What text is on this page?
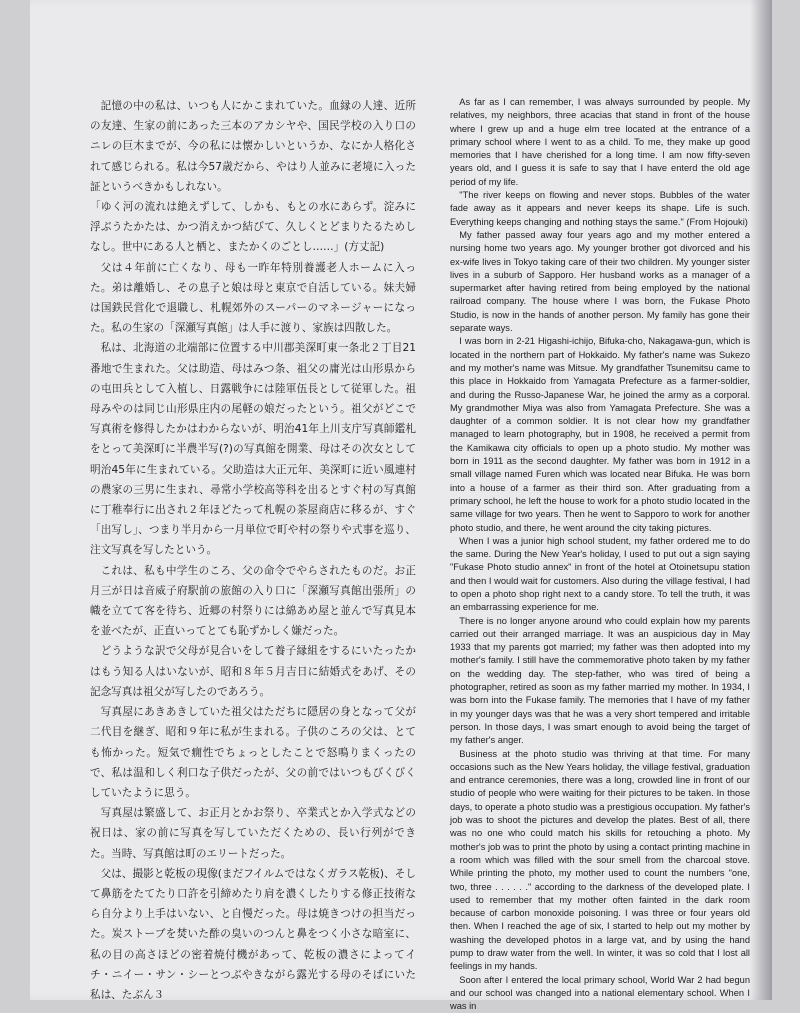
記憶の中の私は、いつも人にかこまれていた。血縁の人達、近所の友達、生家の前にあった三本のアカシヤや、国民学校の入り口のニレの巨木までが、今の私には懐かしいというか、なにか人格化されて感じられる。私は今57歳だから、やはり人並みに老境に入った証というべきかもしれない。

「ゆく河の流れは絶えずして、しかも、もとの水にあらず。淀みに浮ぶうたかたは、かつ消えかつ結びて、久しくとどまりたるためしなし。世中にある人と栖と、またかくのごとし……」(方丈記)

父は４年前に亡くなり、母も一昨年特別養護老人ホームに入った。弟は離婚し、その息子と娘は母と東京で自活している。妹夫婦は国鉄民営化で退職し、札幌郊外のスーパーのマネージャーになった。私の生家の「深瀬写真館」は人手に渡り、家族は四散した。

私は、北海道の北端部に位置する中川郡美深町東一条北２丁目21番地で生まれた。父は助造、母はみつ条、祖父の庸光は山形県からの屯田兵として入植し、日露戦争には陸軍伍長として従軍した。祖母みやのは同じ山形県庄内の尾軽の娘だったという。祖父がどこで写真術を修得したかはわからないが、明治41年上川支庁写真師鑑札をとって美深町に半農半写(?)の写真館を開業、母はその次女として明治45年に生まれている。父助造は大正元年、美深町に近い風連村の農家の三男に生まれ、尋常小学校高等科を出るとすぐ村の写真館に丁稚奉行に出され２年ほどたって札幌の茶屋商店に移るが、すぐ「出写し」、つまり半月から一月単位で町や村の祭りや式事を巡り、注文写真を写したという。

これは、私も中学生のころ、父の命令でやらされたものだ。お正月三が日は音威子府駅前の旅館の入り口に「深瀬写真館出張所」の幟を立てて客を待ち、近郷の村祭りには綿あめ屋と並んで写真見本を並べたが、正直いってとても恥ずかしく嫌だった。

どうような訳で父母が見合いをして養子縁組をするにいたったかはもう知る人はいないが、昭和８年５月吉日に結婚式をあげ、その記念写真は祖父が写したのであろう。

写真屋にあきあきしていた祖父はただちに隠居の身となって父が二代目を継ぎ、昭和９年に私が生まれる。子供のころの父は、とても怖かった。短気で癇性でちょっとしたことで怒鳴りまくったので、私は温和しく利口な子供だったが、父の前ではいつもびくびくしていたように思う。

写真屋は繁盛して、お正月とかお祭り、卒業式とか入学式などの祝日は、家の前に写真を写していただくための、長い行列ができた。当時、写真館は町のエリートだった。

父は、撮影と乾板の現像(まだフイルムではなくガラス乾板)、そして鼻筋をたてたり口許を引締めたり肩を濃くしたりする修正技術なら自分より上手はいない、と自慢だった。母は焼きつけの担当だった。炭ストーブを焚いた酢の臭いのつんと鼻をつく小さな暗室に、私の目の高さほどの密着焼付機があって、乾板の濃さによってイチ・ニイー・サン・シーとつぶやきながら露光する母のそばにいた私は、たぶん３

As far as I can remember, I was always surrounded by people. My relatives, my neighbors, three acacias that stand in front of the house where I grew up and a huge elm tree located at the entrance of a primary school where I went to as a child. To me, they make up good memories that I have cherished for a long time. I am now fifty-seven years old, and I guess it is safe to say that I have enterd the old age period of my life.

"The river keeps on flowing and never stops. Bubbles of the water fade away as it appears and never keeps its shape. Life is such. Everything keeps changing and nothing stays the same." (From Hojouki)

My father passed away four years ago and my mother entered a nursing home two years ago. My younger brother got divorced and his ex-wife lives in Tokyo taking care of their two children. My younger sister lives in a suburb of Sapporo. Her husband works as a manager of a supermarket after having retired from being employed by the national railroad company. The house where I was born, the Fukase Photo Studio, is now in the hands of another person. My family has gone their separate ways.

I was born in 2-21 Higashi-ichijo, Bifuka-cho, Nakagawa-gun, which is located in the northern part of Hokkaido. My father's name was Sukezo and my mother's name was Mitsue. My grandfather Tsunemitsu came to this place in Hokkaido from Yamagata Prefecture as a farmer-soldier, and during the Russo-Japanese War, he joined the army as a corporal. My grandmother Miya was also from Yamagata Prefecture. She was a daughter of a common soldier. It is not clear how my grandfather managed to learn photography, but in 1908, he received a permit from the Kamikawa city officials to open up a photo studio. My mother was born in 1911 as the second daughter. My father was born in 1912 in a small village named Furen which was located near Bifuka. He was born into a house of a farmer as their third son. After graduating from a primary school, he left the house to work for a photo studio located in the same village for two years. Then he went to Sapporo to work for another photo studio, and there, he went around the city taking pictures.

When I was a junior high school student, my father ordered me to do the same. During the New Year's holiday, I used to put out a sign saying "Fukase Photo studio annex" in front of the hotel at Otoinetsupu station and then I would wait for customers. Also during the village festival, I had to open a photo shop right next to a candy store. To tell the truth, it was an embarrassing experience for me.

There is no longer anyone around who could explain how my parents carried out their arranged marriage. It was an auspicious day in May 1933 that my parents got married; my father was then adopted into my mother's family. I still have the commemorative photo taken by my father on the wedding day. The step-father, who was tired of being a photographer, retired as soon as my father married my mother. In 1934, I was born into the Fukase family. The memories that I have of my father in my younger days was that he was a very short tempered and irritable person. In those days, I was smart enough to avoid being the target of my father's anger.

Business at the photo studio was thriving at that time. For many occasions such as the New Years holiday, the village festival, graduation and entrance ceremonies, there was a long, crowded line in front of our studio of people who were waiting for their pictures to be taken. In those days, to operate a photo studio was a prestigious occupation. My father's job was to shoot the pictures and develop the plates. Best of all, there was no one who could match his skills for retouching a photo. My mother's job was to print the photo by using a contact printing machine in a room which was filled with the sour smell from the charcoal stove. While printing the photo, my mother used to count the numbers "one, two, three . . . . . ." according to the darkness of the developed plate. I used to remember that my mother often fainted in the dark room because of carbon monoxide poisoning. I was three or four years old then. When I reached the age of six, I started to help out my mother by washing the developed photos in a large vat, and by using the hand pump to draw water from the well. In winter, it was so cold that I lost all feelings in my hands.

Soon after I entered the local primary school, World War 2 had begun and our school was changed into a national elementary school. When I was in
